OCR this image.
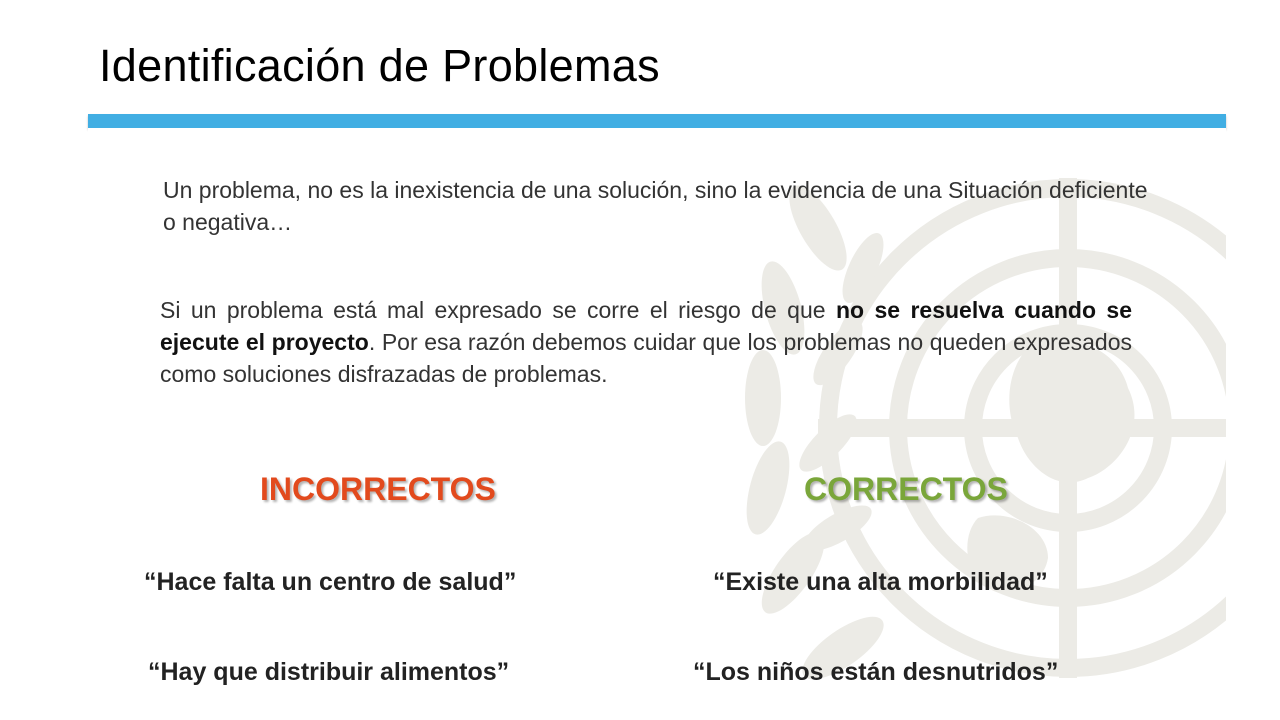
Identificación de Problemas

Un problema, no es la inexistencia de una solución, sino la evidencia de una Situación deficiente o negativa…

Si un problema está mal expresado se corre el riesgo de que no se resuelva cuando se ejecute el proyecto. Por esa razón debemos cuidar que los problemas no queden expresados como soluciones disfrazadas de problemas.

INCORRECTOS	CORRECTOS

“Hace falta un centro de salud”

“Hay que distribuir alimentos”

“Existe una alta morbilidad”

“Los niños están desnutridos”
